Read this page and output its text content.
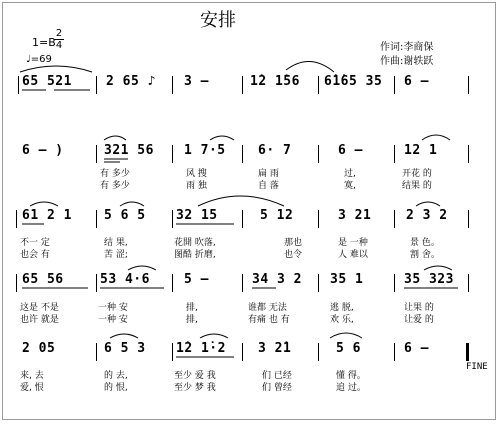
安排
1=B
$\frac{2}{4}$
♩=69
作词:李商保
作曲:谢轶跃
65 521	2 65 ♪ 3 –	1̇2 1̇56 6̇1̇65 35 6 –
6 – )	321 56 1 7·5 6· 7	6 –	12 1
有 多少	风 搜	扁 雨	过,	开花 的
有 多少	雨 独	自 落	寞,	结果 的
61 2 1 5 6 5 32 15	5 12	3 21	2 3 2
不一 定	结 果,	花開 吹落,	那也	是 一种	景 色。
也会 有	苦 涩;	图酷 折磨,	也令	人 难以	割 舍。
65 56	53 4·6	5 –	34 3 2 35 1	35 323
这是 不是	一种 安	排,	谁都 无法	逃 脱,	让果 的
也许 就是	一种 安	排,	有痛 也 有	欢 乐,	让爱 的
2 05	6 5 3 1̇2 1̇·2 3 2̇1	5 6	6 –
FINE
来, 去	的 去,	至少 爱 我	们 已经	懂 得。
爱, 恨	的 恨,	至少 梦 我	们 曾经	追 过。
